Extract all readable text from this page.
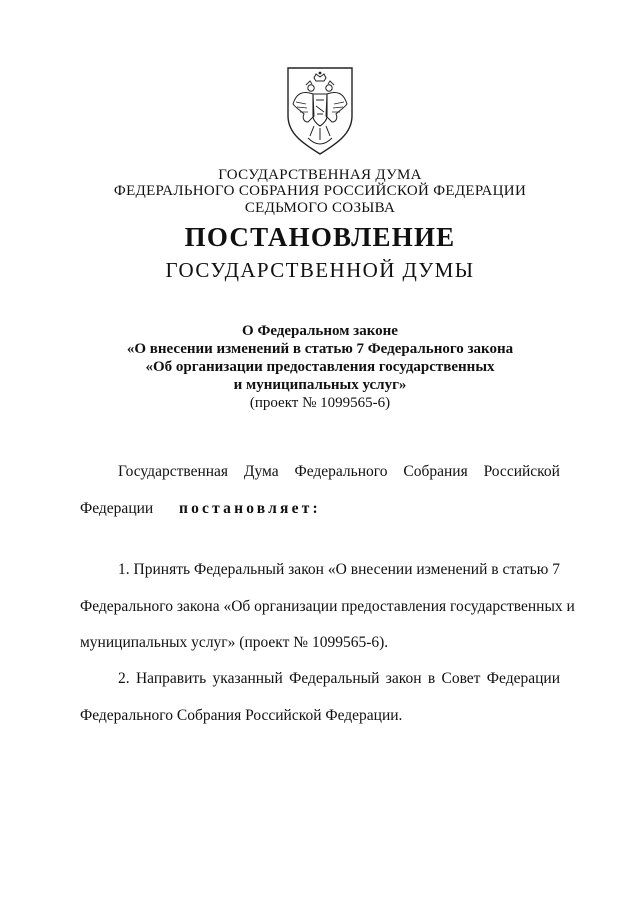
ГОСУДАРСТВЕННАЯ ДУМА
ФЕДЕРАЛЬНОГО СОБРАНИЯ РОССИЙСКОЙ ФЕДЕРАЦИИ
СЕДЬМОГО СОЗЫВА
ПОСТАНОВЛЕНИЕ
ГОСУДАРСТВЕННОЙ ДУМЫ
О Федеральном законе
«О внесении изменений в статью 7 Федерального закона
«Об организации предоставления государственных
и муниципальных услуг»
(проект № 1099565-6)
Государственная Дума Федерального Собрания Российской
Федерации постановляет:
1. Принять Федеральный закон «О внесении изменений в статью 7
Федерального закона «Об организации предоставления государственных и
муниципальных услуг» (проект № 1099565-6).
2. Направить указанный Федеральный закон в Совет Федерации
Федерального Собрания Российской Федерации.
